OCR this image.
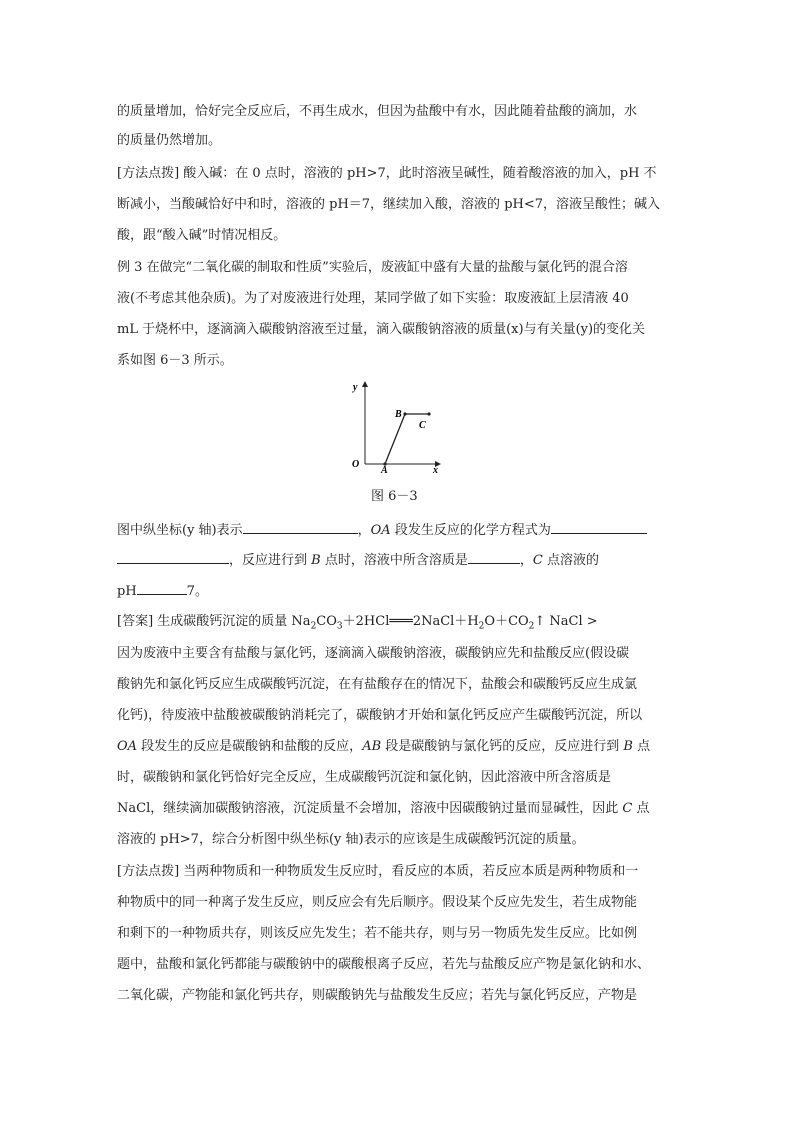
的质量增加，恰好完全反应后，不再生成水，但因为盐酸中有水，因此随着盐酸的滴加，水
的质量仍然增加。
[方法点拨] 酸入碱：在 0 点时，溶液的 pH>7，此时溶液呈碱性，随着酸溶液的加入，pH 不
断减小，当酸碱恰好中和时，溶液的 pH＝7，继续加入酸，溶液的 pH<7，溶液呈酸性；碱入
酸，跟“酸入碱”时情况相反。
例 3 在做完“二氧化碳的制取和性质”实验后，废液缸中盛有大量的盐酸与氯化钙的混合溶
液(不考虑其他杂质)。为了对废液进行处理，某同学做了如下实验：取废液缸上层清液 40
mL 于烧杯中，逐滴滴入碳酸钠溶液至过量，滴入碳酸钠溶液的质量(x)与有关量(y)的变化关
系如图 6－3 所示。
y
x
O
A
B
C
图 6－3
图中纵坐标(y 轴)表示	，OA 段发生反应的化学方程式为
，反应进行到 B 点时，溶液中所含溶质是	，C 点溶液的
pH	7。
[答案] 生成碳酸钙沉淀的质量 $Na_2CO_3+2HCl═══2NaCl+H_2O+CO_2↑$ NaCl >
因为废液中主要含有盐酸与氯化钙，逐滴滴入碳酸钠溶液，碳酸钠应先和盐酸反应(假设碳
酸钠先和氯化钙反应生成碳酸钙沉淀，在有盐酸存在的情况下，盐酸会和碳酸钙反应生成氯
化钙)，待废液中盐酸被碳酸钠消耗完了，碳酸钠才开始和氯化钙反应产生碳酸钙沉淀，所以
OA 段发生的反应是碳酸钠和盐酸的反应，AB 段是碳酸钠与氯化钙的反应，反应进行到 B 点
时，碳酸钠和氯化钙恰好完全反应，生成碳酸钙沉淀和氯化钠，因此溶液中所含溶质是
NaCl，继续滴加碳酸钠溶液，沉淀质量不会增加，溶液中因碳酸钠过量而显碱性，因此 C 点
溶液的 pH>7，综合分析图中纵坐标(y 轴)表示的应该是生成碳酸钙沉淀的质量。
[方法点拨] 当两种物质和一种物质发生反应时，看反应的本质，若反应本质是两种物质和一
种物质中的同一种离子发生反应，则反应会有先后顺序。假设某个反应先发生，若生成物能
和剩下的一种物质共存，则该反应先发生；若不能共存，则与另一物质先发生反应。比如例
题中，盐酸和氯化钙都能与碳酸钠中的碳酸根离子反应，若先与盐酸反应产物是氯化钠和水、
二氧化碳，产物能和氯化钙共存，则碳酸钠先与盐酸发生反应；若先与氯化钙反应，产物是
